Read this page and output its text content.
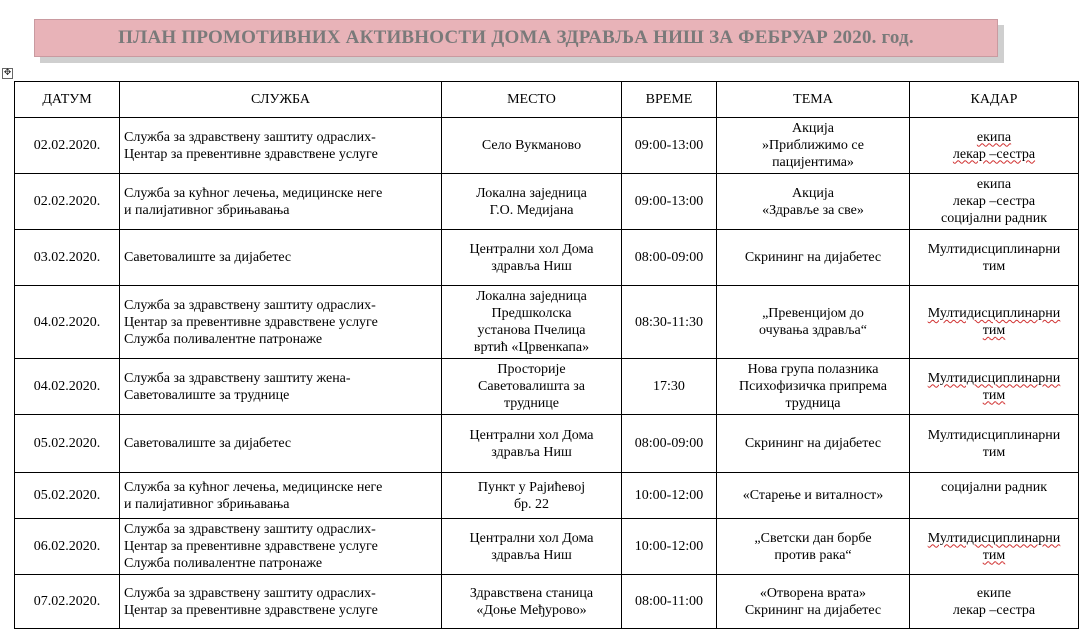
ПЛАН ПРОМОТИВНИХ АКТИВНОСТИ ДОМА ЗДРАВЉА НИШ ЗА ФЕБРУАР 2020. год.
✥
ДАТУМ	СЛУЖБА	МЕСТО	ВРЕМЕ	ТЕМА	КАДАР
02.02.2020.	Служба за здравствену заштиту одраслих-
Центар за превентивне здравствене услуге	Село Вукманово	09:00-13:00	Акција
»Приближимо се
пацијентима»	екипа
лекар –сестра

02.02.2020.	Служба за кућног лечења, медицинске неге
и палијативног збрињавања	Локална заједница
Г.О. Медијана	09:00-13:00	Акција
«Здравље за све»	екипа
лекар –сестра
социјални радник

03.02.2020.	Саветовалиште за дијабетес	Централни хол Дома
здравља Ниш	08:00-09:00	Скрининг на дијабетес	Мултидисциплинарни
тим

04.02.2020.	Служба за здравствену заштиту одраслих-
Центар за превентивне здравствене услуге
Служба поливалентне патронаже	Локална заједница
Предшколска
установа Пчелица
вртић «Црвенкапа»	08:30-11:30	„Превенцијом до
очувања здравља“	Мултидисциплинарни
тим

04.02.2020.	Служба за здравствену заштиту жена-
Саветовалиште за труднице	Просторије
Саветовалишта за
труднице	17:30	Нова група полазника
Психофизичка припрема
трудница	Мултидисциплинарни
тим

05.02.2020.	Саветовалиште за дијабетес	Централни хол Дома
здравља Ниш	08:00-09:00	Скрининг на дијабетес	Мултидисциплинарни
тим

05.02.2020.	Служба за кућног лечења, медицинске неге
и палијативног збрињавања	Пункт у Рајићевој
бр. 22	10:00-12:00	«Старење и виталност»	социјални радник

06.02.2020.	Служба за здравствену заштиту одраслих-
Центар за превентивне здравствене услуге
Служба поливалентне патронаже	Централни хол Дома
здравља Ниш	10:00-12:00	„Светски дан борбе
против рака“	Мултидисциплинарни
тим

07.02.2020.	Служба за здравствену заштиту одраслих-
Центар за превентивне здравствене услуге	Здравствена станица
«Доње Међурово»	08:00-11:00	«Отворена врата»
Скрининг на дијабетес	екипе
лекар –сестра
